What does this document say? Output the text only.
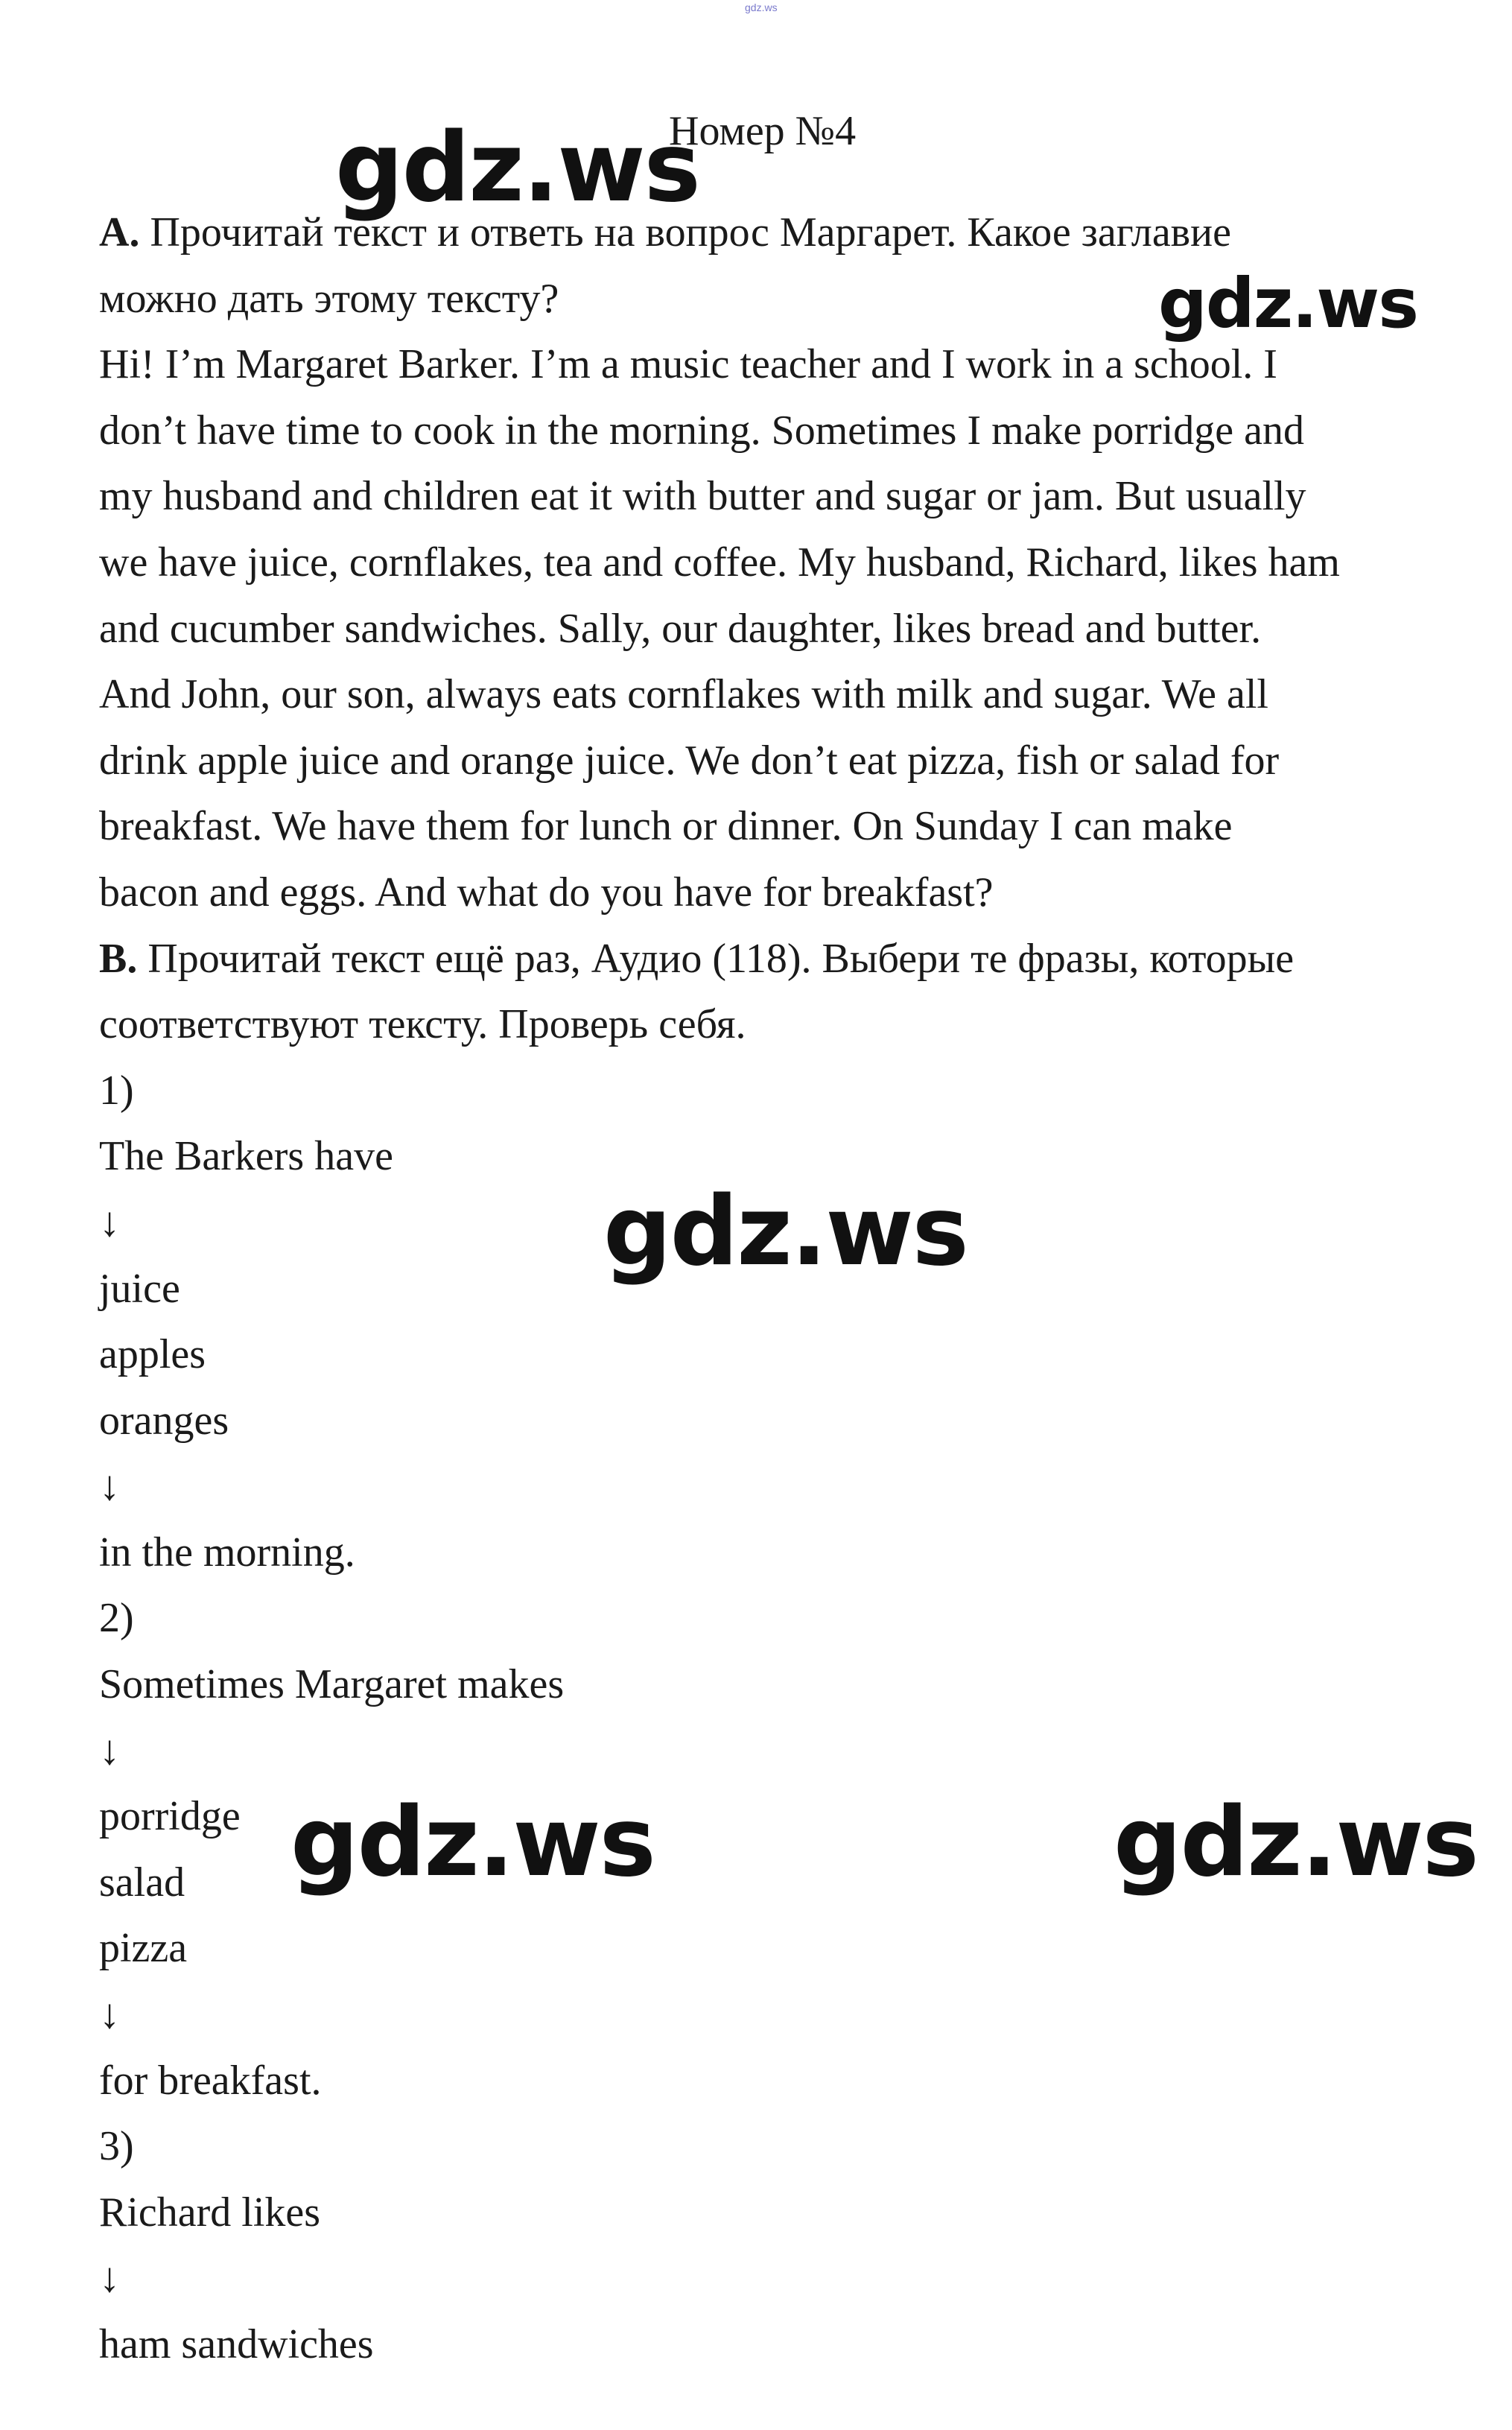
gdz.ws
Номер №4
А. Прочитай текст и ответь на вопрос Маргарет. Какое заглавие
можно дать этому тексту?
Hi! I’m Margaret Barker. I’m a music teacher and I work in a school. I
don’t have time to cook in the morning. Sometimes I make porridge and
my husband and children eat it with butter and sugar or jam. But usually
we have juice, cornflakes, tea and coffee. My husband, Richard, likes ham
and cucumber sandwiches. Sally, our daughter, likes bread and butter.
And John, our son, always eats cornflakes with milk and sugar. We all
drink apple juice and orange juice. We don’t eat pizza, fish or salad for
breakfast. We have them for lunch or dinner. On Sunday I can make
bacon and eggs. And what do you have for breakfast?
B. Прочитай текст ещё раз, Аудио (118). Выбери те фразы, которые
соответствуют тексту. Проверь себя.
1)
The Barkers have
↓
juice
apples
oranges
↓
in the morning.
2)
Sometimes Margaret makes
↓
porridge
salad
pizza
↓
for breakfast.
3)
Richard likes
↓
ham sandwiches
gdz.ws
gdz.ws
gdz.ws
gdz.ws	gdz.ws
